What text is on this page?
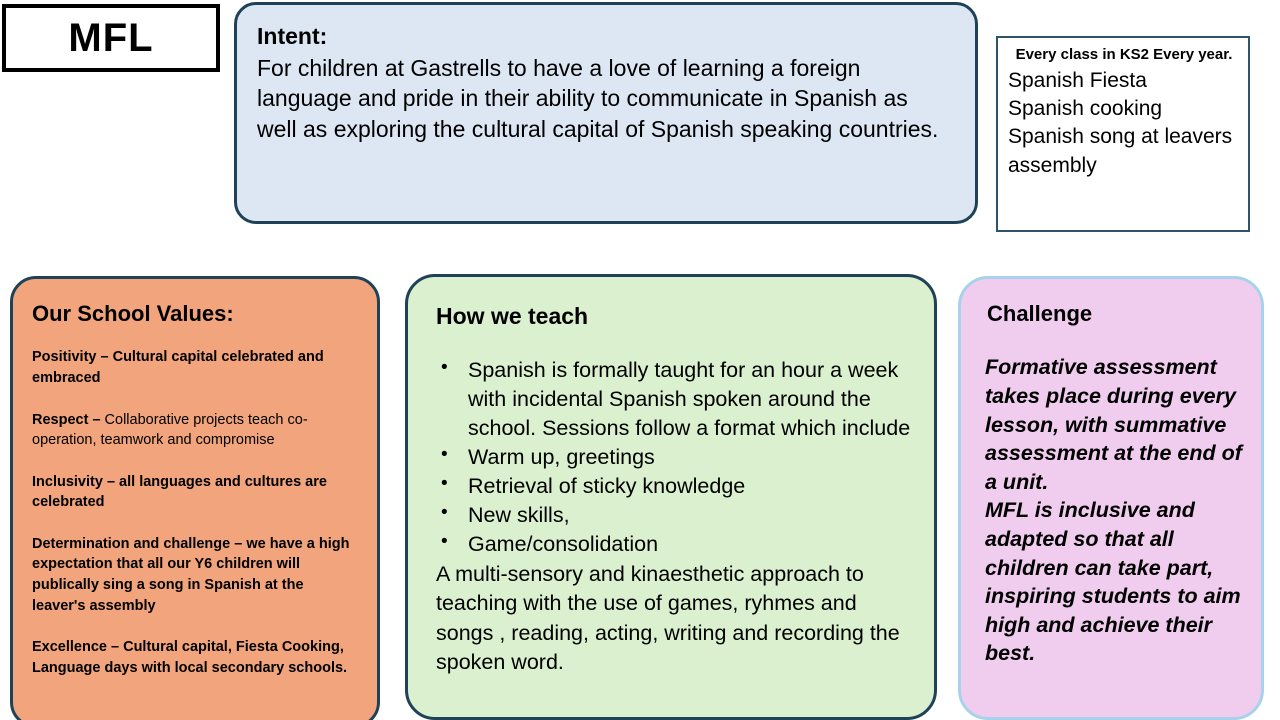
MFL	Intent:
For children at Gastrells to have a love of learning a foreign language and pride in their ability to communicate in Spanish as well as exploring the cultural capital of Spanish speaking countries.
Every class in KS2 Every year.
Spanish Fiesta
Spanish cooking
Spanish song at leavers assembly
Our School Values:
Positivity – Cultural capital celebrated and embraced
Respect – Collaborative projects teach co-operation, teamwork and compromise
Inclusivity – all languages and cultures are celebrated
Determination and challenge – we have a high expectation that all our Y6 children will publically sing a song in Spanish at the leaver's assembly
Excellence – Cultural capital, Fiesta Cooking, Language days with local secondary schools.
How we teach
• Spanish is formally taught for an hour a week with incidental Spanish spoken around the school. Sessions follow a format which include
• Warm up, greetings
• Retrieval of sticky knowledge
• New skills,
• Game/consolidation
A multi-sensory and kinaesthetic approach to teaching with the use of games, ryhmes and songs , reading, acting, writing and recording the spoken word.
Challenge
Formative assessment takes place during every lesson, with summative assessment at the end of a unit.
MFL is inclusive and adapted so that all children can take part, inspiring students to aim high and achieve their best.
